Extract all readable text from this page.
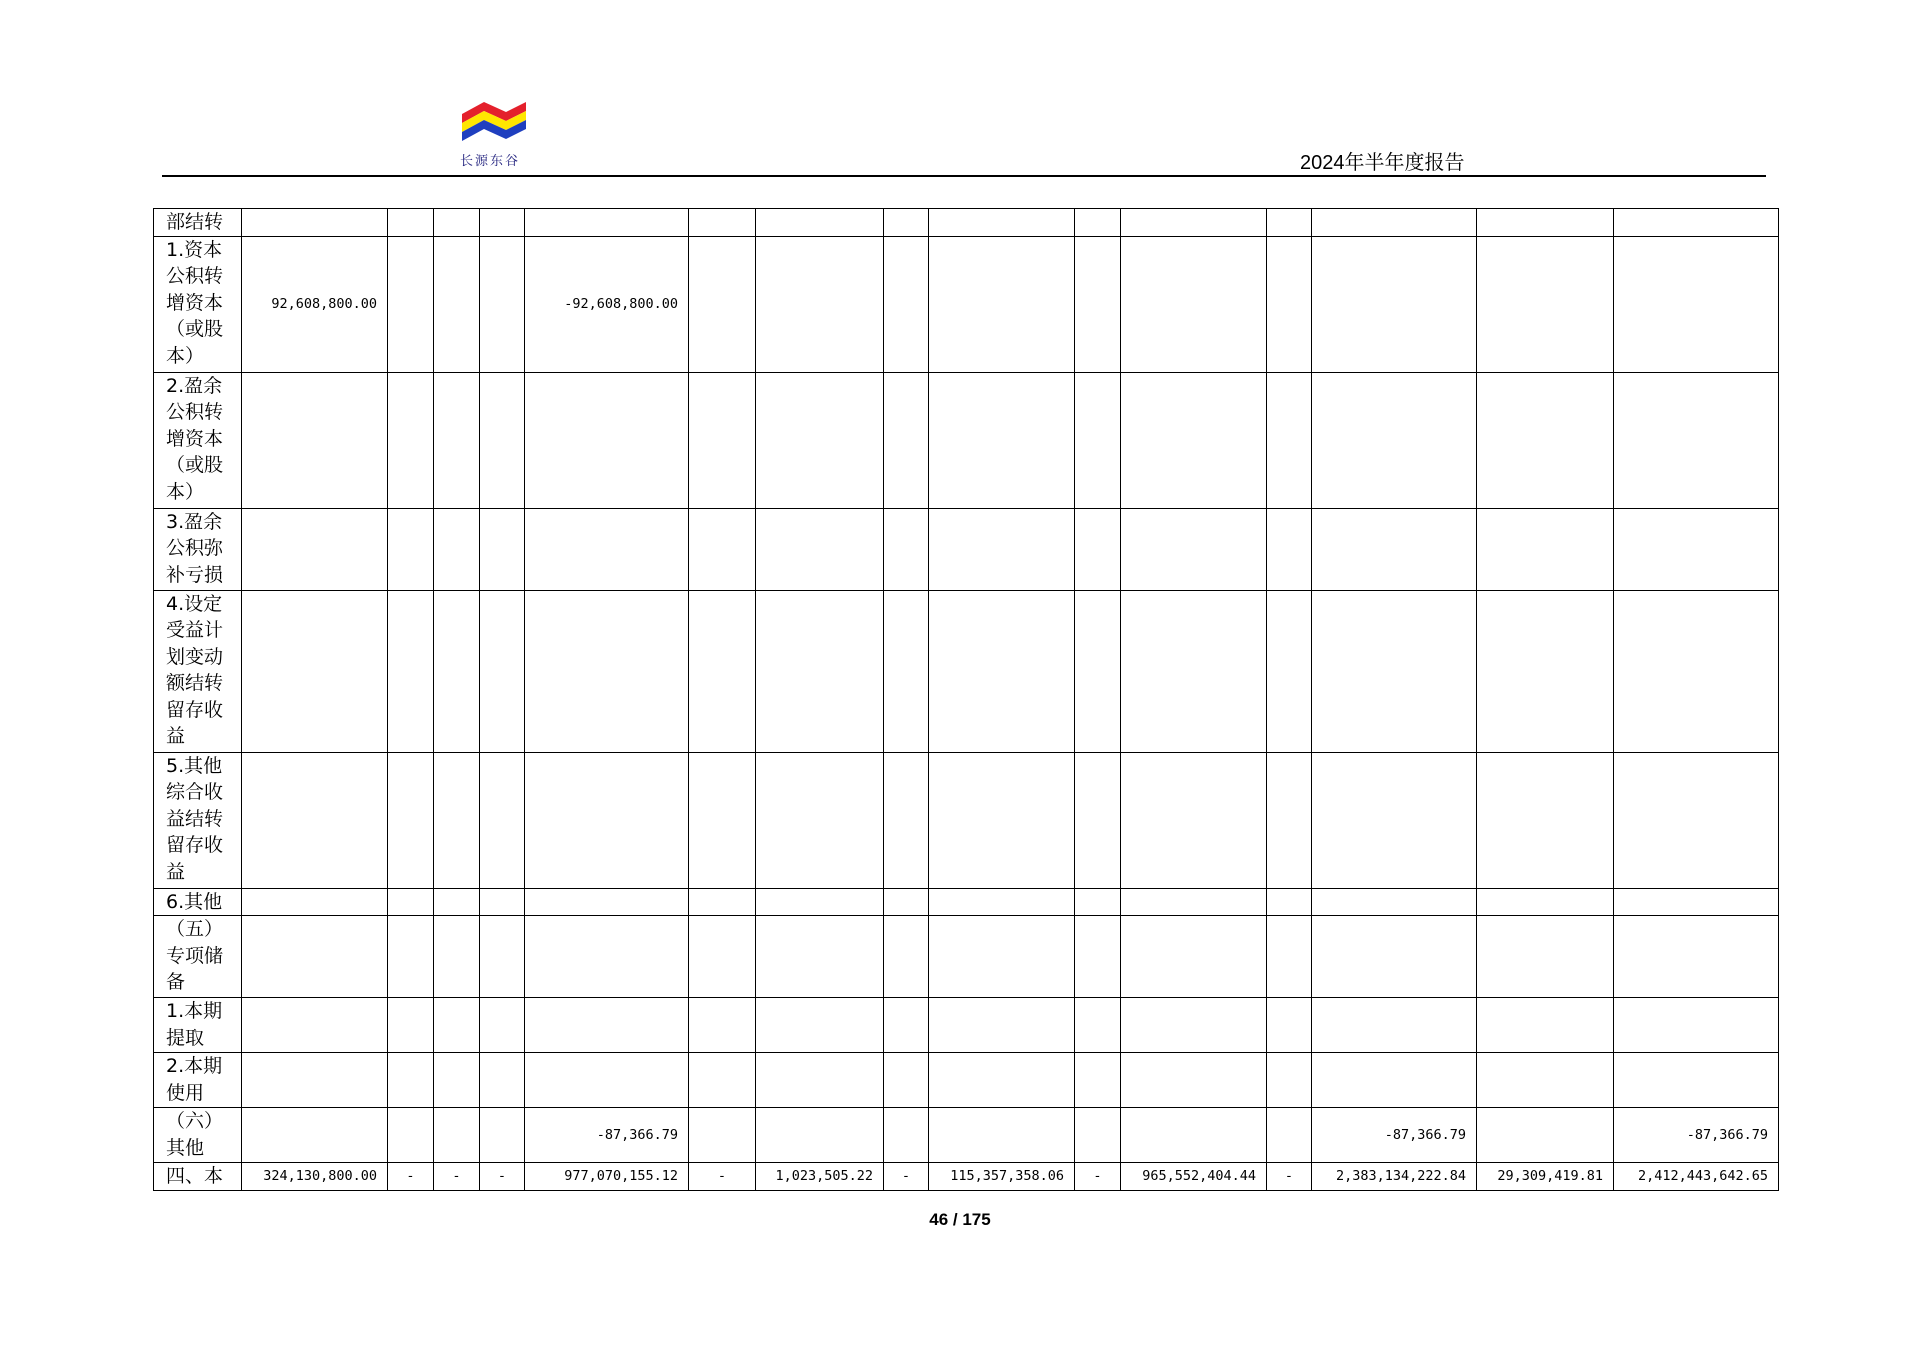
长源东谷	2024年半年度报告
部结转															
1.资本公积转增资本（或股本）	92,608,800.00				-92,608,800.00										
2.盈余公积转增资本（或股本）															
3.盈余公积弥补亏损															
4.设定受益计划变动额结转留存收益															
5.其他综合收益结转留存收益															
6.其他															
（五）专项储备															
1.本期提取															
2.本期使用															
（六）其他					-87,366.79								-87,366.79		-87,366.79
四、本	324,130,800.00	-	-	-	977,070,155.12	-	1,023,505.22	-	115,357,358.06	-	965,552,404.44	-	2,383,134,222.84	29,309,419.81	2,412,443,642.65
46 / 175
